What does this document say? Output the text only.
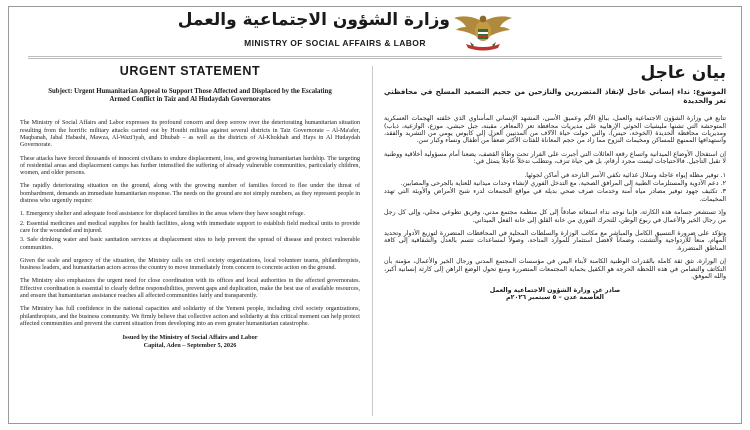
وزارة الشؤون الاجتماعية والعمل
MINISTRY OF SOCIAL AFFAIRS & LABOR
URGENT STATEMENT
Subject: Urgent Humanitarian Appeal to Support Those Affected and Displaced by the Escalating Armed Conflict in Taiz and Al Hudaydah Governorates

The Ministry of Social Affairs and Labor expresses its profound concern and deep sorrow over the deteriorating humanitarian situation resulting from the horrific military attacks carried out by Houthi militias against several districts in Taiz Governorate – Al-Ma'afer, Maqbanah, Jabal Habashi, Mawza, Al-Wazi'iyah, and Dhubab – as well as the districts of Al-Khokhah and Hays in Al Hudaydah Governorate.

These attacks have forced thousands of innocent civilians to endure displacement, loss, and growing humanitarian hardship. The targeting of residential areas and displacement camps has further intensified the suffering of already vulnerable communities, particularly children, women, and older persons.

The rapidly deteriorating situation on the ground, along with the growing number of families forced to flee under the threat of bombardment, demands an immediate humanitarian response. The needs on the ground are not simply numbers, as they represent people in distress who urgently require:

1. Emergency shelter and adequate food assistance for displaced families in the areas where they have sought refuge.

2. Essential medicines and medical supplies for health facilities, along with immediate support to establish field medical units to provide care for the wounded and injured.

3. Safe drinking water and basic sanitation services at displacement sites to help prevent the spread of disease and protect vulnerable communities.

Given the scale and urgency of the situation, the Ministry calls on civil society organizations, local volunteer teams, philanthropists, business leaders, and humanitarian actors across the country to move immediately from concern to concrete action on the ground.

The Ministry also emphasizes the urgent need for close coordination with its offices and local authorities in the affected governorates. Effective coordination is essential to clearly define responsibilities, prevent gaps and duplication, make the best use of available resources, and ensure that humanitarian assistance reaches all affected communities fairly and transparently.

The Ministry has full confidence in the national capacities and solidarity of the Yemeni people, including civil society organizations, philanthropists, and the business community. We firmly believe that collective action and solidarity at this critical moment can help protect affected communities and prevent the current situation from developing into an even greater humanitarian catastrophe.

Issued by the Ministry of Social Affairs and Labor
Capital, Aden – September 5, 2026
بيان عاجل
الموضوع: نداء إنساني عاجل لإنقاذ المتضررين والنازحين من جحيم التصعيد المسلح في محافظتي تعز والحديدة

تتابع في وزارة الشؤون الاجتماعية والعمل، ببالغ الألم وعميق الأسى، المشهد الإنساني المأساوي الذي خلفته الهجمات العسكرية المتوحشة التي تشنها مليشيات الحوثي الإرهابية على مديريات محافظة تعز (المعافر، مقبنة، جبل حبشي، موزع، الوازعية، ذباب) ومديريات محافظة الحديدة (الخوخة، حيس)، والتي حولت حياة الآلاف من المدنيين العزل إلى كابوس يومي من التشريد والفقد، واستهدافها الممنهج للمساكن ومخيمات النزوح مما زاد من حجم المعاناة للفئات الأكثر ضعفاً من أطفال ونساء وكبار سن.

إن استفحال الأوضاع الميدانية واتساع رقعة العائلات التي أجبرت على الفرار تحت وطأة القصف، يضعنا أمام مسؤولية أخلاقية ووطنية لا تقبل التأجيل. فالاحتياجات ليست مجرد أرقام، بل هي حياة تنزف، وتتطلب تدخلاً عاجلاً يتمثل في:

١. توفير مظلة إيواء عاجلة وسلال غذائية تكفي الأسر النازحة في أماكن لجوئها.

٢. دعم الأدوية والمستلزمات الطبية إلى المرافق الصحية، مع التدخل الفوري لإنشاء وحدات ميدانية للعناية بالجرحى والمصابين.

٣. تكثيف جهود توفير مصادر مياه آمنة وخدمات صرف صحي بديلة في مواقع التجمعات لدرء شبح الأمراض والأوبئة التي تهدد المخيمات.

وإذ تستشعر جسامة هذه الكارثة، فإننا نوجه نداء استغاثة صادقاً إلى كل منظمة مجتمع مدني، وفريق تطوعي محلي، وإلى كل رجل من رجال الخير والأعمال في ربوع الوطن، للتحرك الفوري من خانة القلق إلى خانة الفعل الميداني.

وتؤكد على ضرورة التنسيق الكامل والمباشر مع مكاتب الوزارة والسلطات المحلية في المحافظات المتضررة لتوزيع الأدوار وتحديد المهام، منعاً للازدواجية والتشتت، وضماناً لأفضل استثمار للموارد المتاحة، وصولاً لمساعدات تتسم بالعدل والشفافية إلى كافة المناطق المتضررة.

إن الوزارة، تثق ثقة كاملة بالقدرات الوطنية الكامنة لأبناء اليمن في مؤسسات المجتمع المدني ورجال الخير والأعمال، مؤمنة بأن التكاتف والتضامن في هذه اللحظة الحرجة هو الكفيل بحماية المجتمعات المتضررة ومنع تحول الوضع الراهن إلى كارثة إنسانية أكبر، والله الموفق.

صادر عن وزارة الشؤون الاجتماعية والعمل
العاصمة عدن – ٥ سبتمبر ٢٠٢٦م
